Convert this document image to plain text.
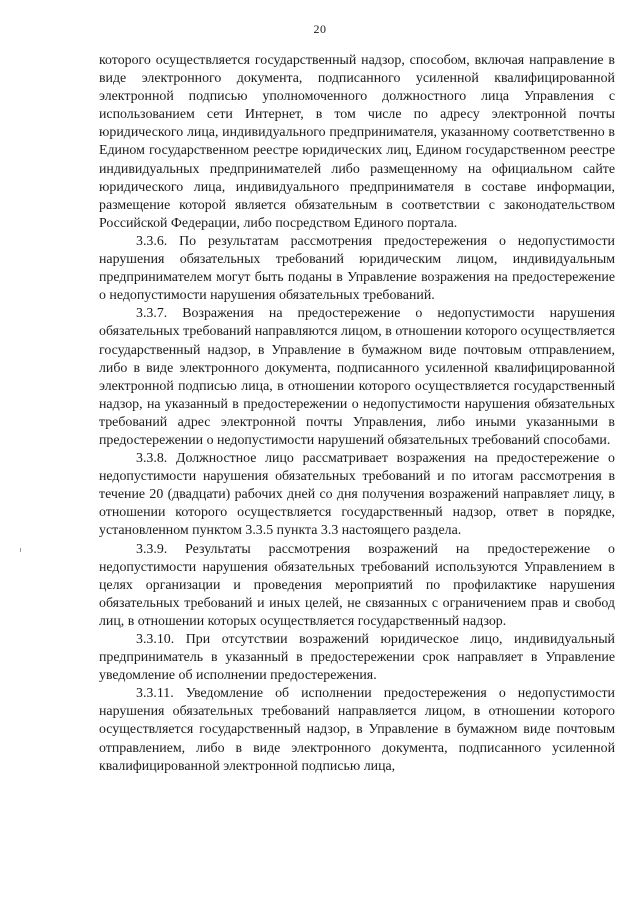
20

которого осуществляется государственный надзор, способом, включая направление в виде электронного документа, подписанного усиленной квалифицированной электронной подписью уполномоченного должностного лица Управления с использованием сети Интернет, в том числе по адресу электронной почты юридического лица, индивидуального предпринимателя, указанному соответственно в Едином государственном реестре юридических лиц, Едином государственном реестре индивидуальных предпринимателей либо размещенному на официальном сайте юридического лица, индивидуального предпринимателя в составе информации, размещение которой является обязательным в соответствии с законодательством Российской Федерации, либо посредством Единого портала.

3.3.6. По результатам рассмотрения предостережения о недопустимости нарушения обязательных требований юридическим лицом, индивидуальным предпринимателем могут быть поданы в Управление возражения на предостережение о недопустимости нарушения обязательных требований.

3.3.7. Возражения на предостережение о недопустимости нарушения обязательных требований направляются лицом, в отношении которого осуществляется государственный надзор, в Управление в бумажном виде почтовым отправлением, либо в виде электронного документа, подписанного усиленной квалифицированной электронной подписью лица, в отношении которого осуществляется государственный надзор, на указанный в предостережении о недопустимости нарушения обязательных требований адрес электронной почты Управления, либо иными указанными в предостережении о недопустимости нарушений обязательных требований способами.

3.3.8. Должностное лицо рассматривает возражения на предостережение о недопустимости нарушения обязательных требований и по итогам рассмотрения в течение 20 (двадцати) рабочих дней со дня получения возражений направляет лицу, в отношении которого осуществляется государственный надзор, ответ в порядке, установленном пунктом 3.3.5 пункта 3.3 настоящего раздела.

3.3.9. Результаты рассмотрения возражений на предостережение о недопустимости нарушения обязательных требований используются Управлением в целях организации и проведения мероприятий по профилактике нарушения обязательных требований и иных целей, не связанных с ограничением прав и свобод лиц, в отношении которых осуществляется государственный надзор.

3.3.10. При отсутствии возражений юридическое лицо, индивидуальный предприниматель в указанный в предостережении срок направляет в Управление уведомление об исполнении предостережения.

3.3.11. Уведомление об исполнении предостережения о недопустимости нарушения обязательных требований направляется лицом, в отношении которого осуществляется государственный надзор, в Управление в бумажном виде почтовым отправлением, либо в виде электронного документа, подписанного усиленной квалифицированной электронной подписью лица,
